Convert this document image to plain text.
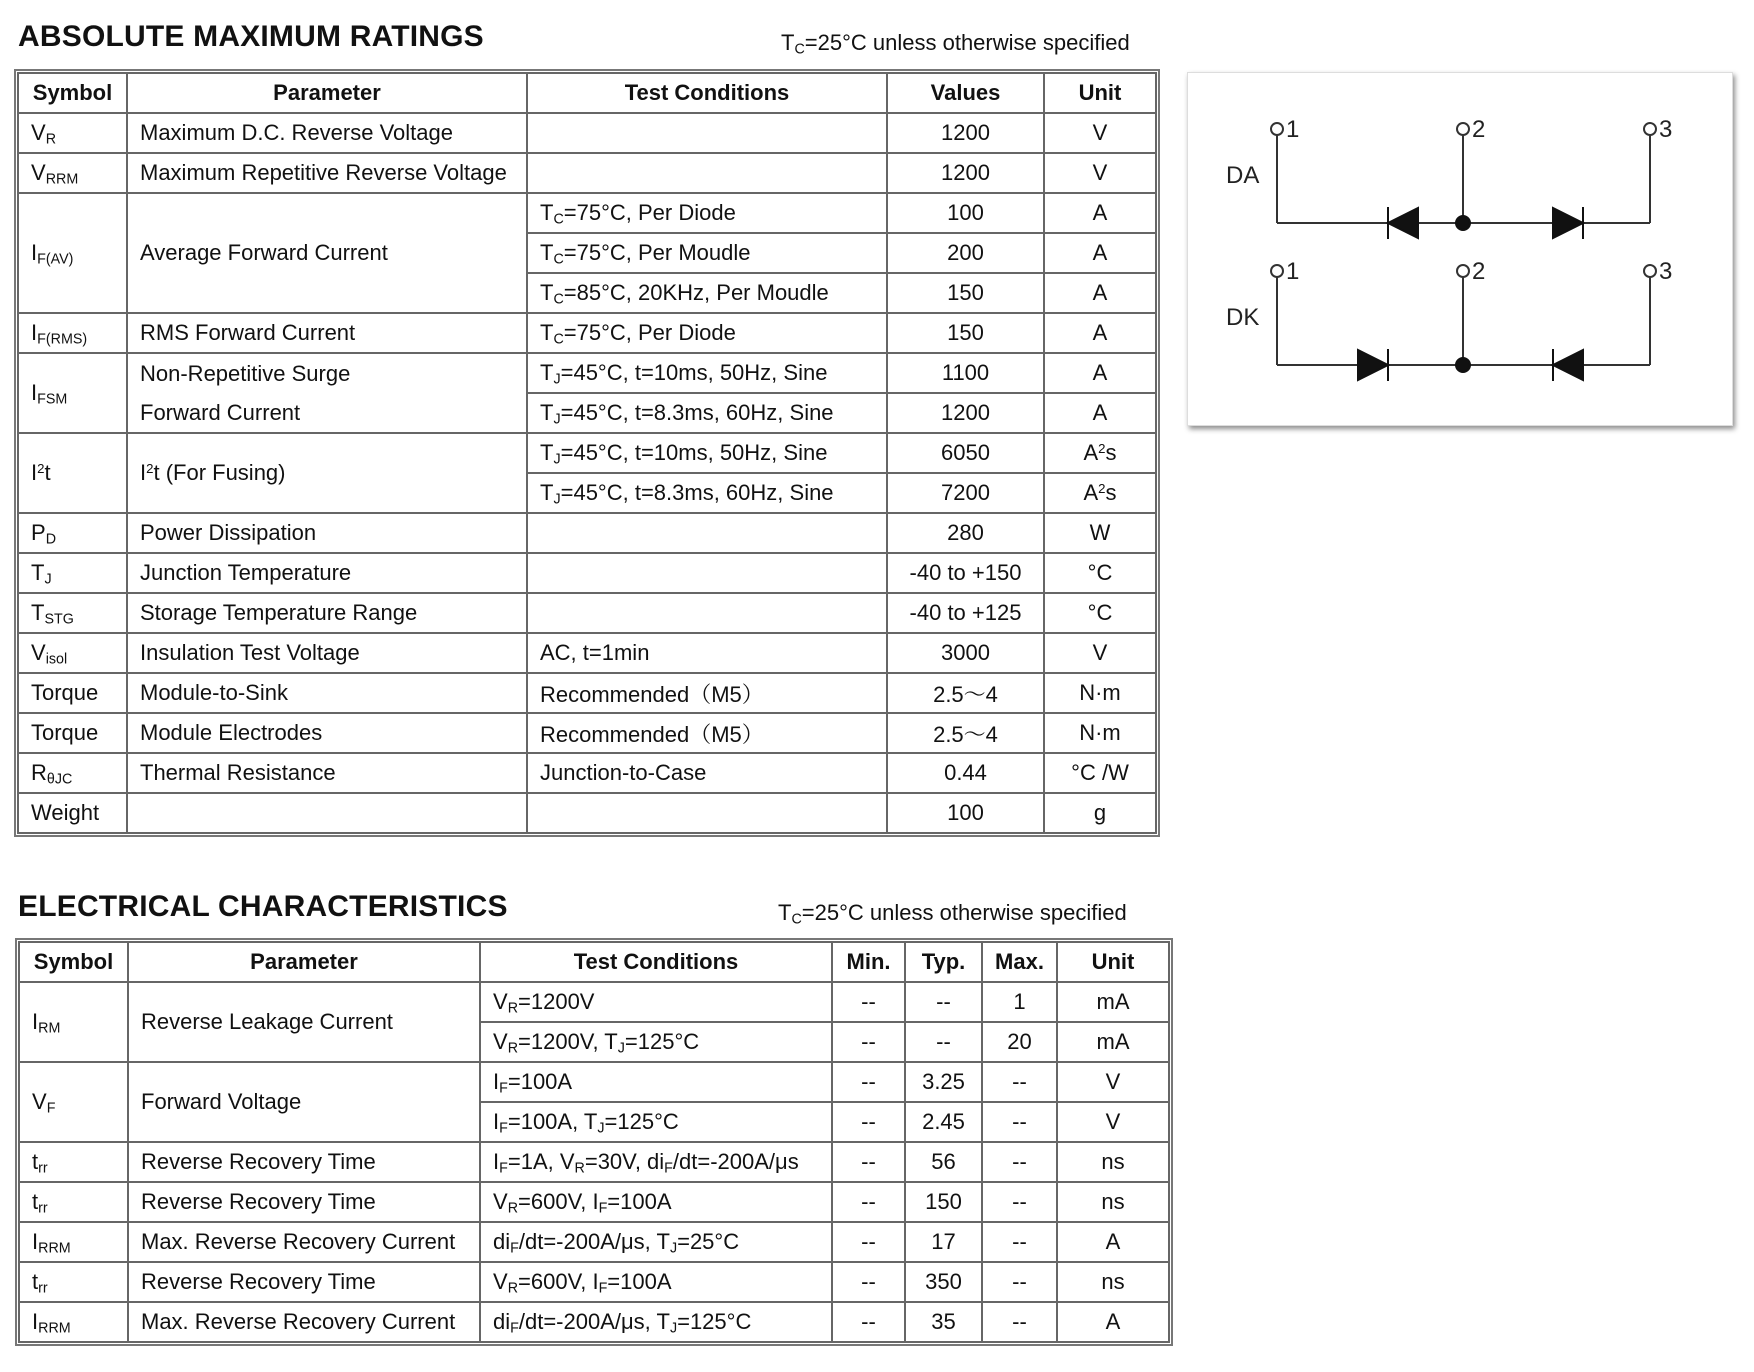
ABSOLUTE MAXIMUM RATINGS	$T_C=25^\circ C$ unless otherwise specified
Symbol	Parameter	Test Conditions	Values	Unit
$V_R$	Maximum D.C. Reverse Voltage		1200	V
$V_{RRM}$	Maximum Repetitive Reverse Voltage		1200	V
$I_{F(AV)}$	Average Forward Current	$T_C=75^\circ C$, Per Diode	100	A
		$T_C=75^\circ C$, Per Moudle	200	A
		$T_C=85^\circ C$, 20KHz, Per Moudle	150	A
$I_{F(RMS)}$	RMS Forward Current	$T_C=75^\circ C$, Per Diode	150	A
$I_{FSM}$	Non-Repetitive Surge	$T_J=45^\circ C$, t=10ms, 50Hz, Sine	1100	A
	Forward Current	$T_J=45^\circ C$, t=8.3ms, 60Hz, Sine	1200	A
$I^2t$	$I^2t$ (For Fusing)	$T_J=45^\circ C$, t=10ms, 50Hz, Sine	6050	$A^2s$
		$T_J=45^\circ C$, t=8.3ms, 60Hz, Sine	7200	$A^2s$
$P_D$	Power Dissipation		280	W
$T_J$	Junction Temperature		-40 to +150	°C
$T_{STG}$	Storage Temperature Range		-40 to +125	°C
$V_{isol}$	Insulation Test Voltage	AC, t=1min	3000	V
Torque	Module-to-Sink	Recommended（M5）	2.5～4	N·m
Torque	Module Electrodes	Recommended（M5）	2.5～4	N·m
$R_{\theta JC}$	Thermal Resistance	Junction-to-Case	0.44	°C /W
Weight			100	g
DA
DK
1	2	3
1	2	3
ELECTRICAL CHARACTERISTICS	$T_C=25^\circ C$ unless otherwise specified
Symbol	Parameter	Test Conditions	Min.	Typ.	Max.	Unit
$I_{RM}$	Reverse Leakage Current	$V_R=1200V$	--	--	1	mA
		$V_R=1200V$, $T_J=125^\circ C$	--	--	20	mA
$V_F$	Forward Voltage	$I_F=100A$	--	3.25	--	V
		$I_F=100A$, $T_J=125^\circ C$	--	2.45	--	V
$t_{rr}$	Reverse Recovery Time	$I_F=1A$, $V_R=30V$, $di_F/dt=-200A/\mu s$	--	56	--	ns
$t_{rr}$	Reverse Recovery Time	$V_R=600V$, $I_F=100A$	--	150	--	ns
$I_{RRM}$	Max. Reverse Recovery Current	$di_F/dt=-200A/\mu s$, $T_J=25^\circ C$	--	17	--	A
$t_{rr}$	Reverse Recovery Time	$V_R=600V$, $I_F=100A$	--	350	--	ns
$I_{RRM}$	Max. Reverse Recovery Current	$di_F/dt=-200A/\mu s$, $T_J=125^\circ C$	--	35	--	A
